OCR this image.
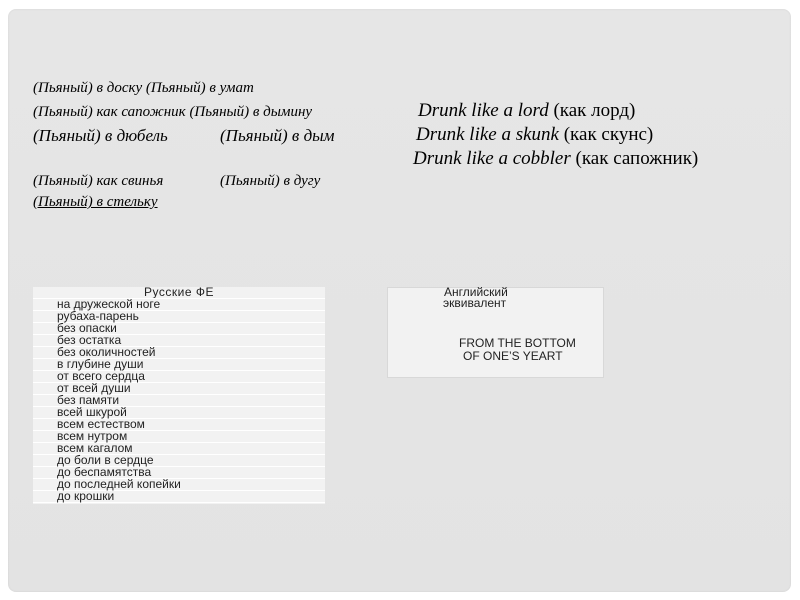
(Пьяный) в доску (Пьяный) в умат
(Пьяный) как сапожник (Пьяный) в дымину
(Пьяный) в дюбель	(Пьяный) в дым
(Пьяный) как свинья	(Пьяный) в дугу
(Пьяный) в стельку
Drunk like a lord (как лорд)
Drunk like a skunk (как скунс)
Drunk like a cobbler (как сапожник)
Русские ФЕ
на дружеской ноге
рубаха-парень
без опаски
без остатка
без околичностей
в глубине души
от всего сердца
от всей души
без памяти
всей шкурой
всем естеством
всем нутром
всем кагалом
до боли в сердце
до беспамятства
до последней копейки
до крошки
Английский
эквивалент
FROM THE BOTTOM
OF ONE’S YEART
